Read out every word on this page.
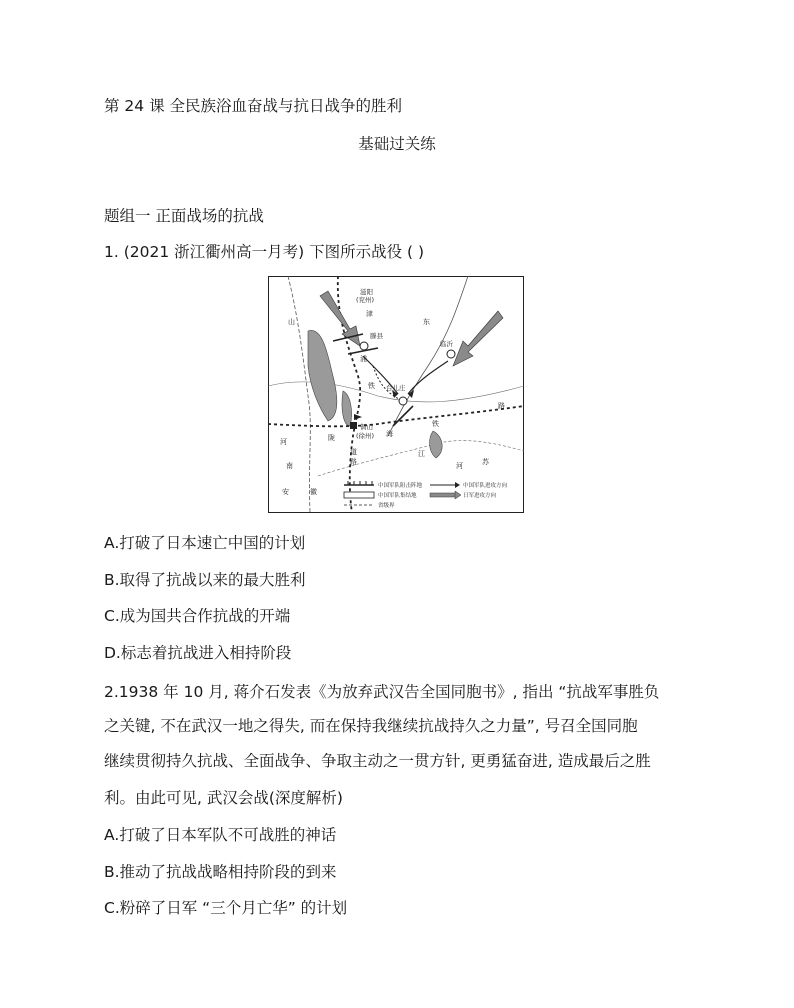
第 24 课 全民族浴血奋战与抗日战争的胜利
基础过关练
题组一 正面战场的抗战
1. (2021 浙江衢州高一月考) 下图所示战役 ( )
滋阳
(兖州)
滕县
临沂
台儿庄
铜山
(徐州)
津
浦
铁
陇	海
铁
路
路
道
山	东
河
南
江
安	徽
苏
河
中国军队阻击阵地
中国军队集结地
省级界
中国军队进攻方向
日军进攻方向
A.打破了日本速亡中国的计划
B.取得了抗战以来的最大胜利
C.成为国共合作抗战的开端
D.标志着抗战进入相持阶段
2.1938 年 10 月, 蒋介石发表《为放弃武汉告全国同胞书》, 指出 “抗战军事胜负
之关键, 不在武汉一地之得失, 而在保持我继续抗战持久之力量”, 号召全国同胞
继续贯彻持久抗战、全面战争、争取主动之一贯方针, 更勇猛奋进, 造成最后之胜
利。由此可见, 武汉会战(深度解析)
A.打破了日本军队不可战胜的神话
B.推动了抗战战略相持阶段的到来
C.粉碎了日军 “三个月亡华” 的计划
